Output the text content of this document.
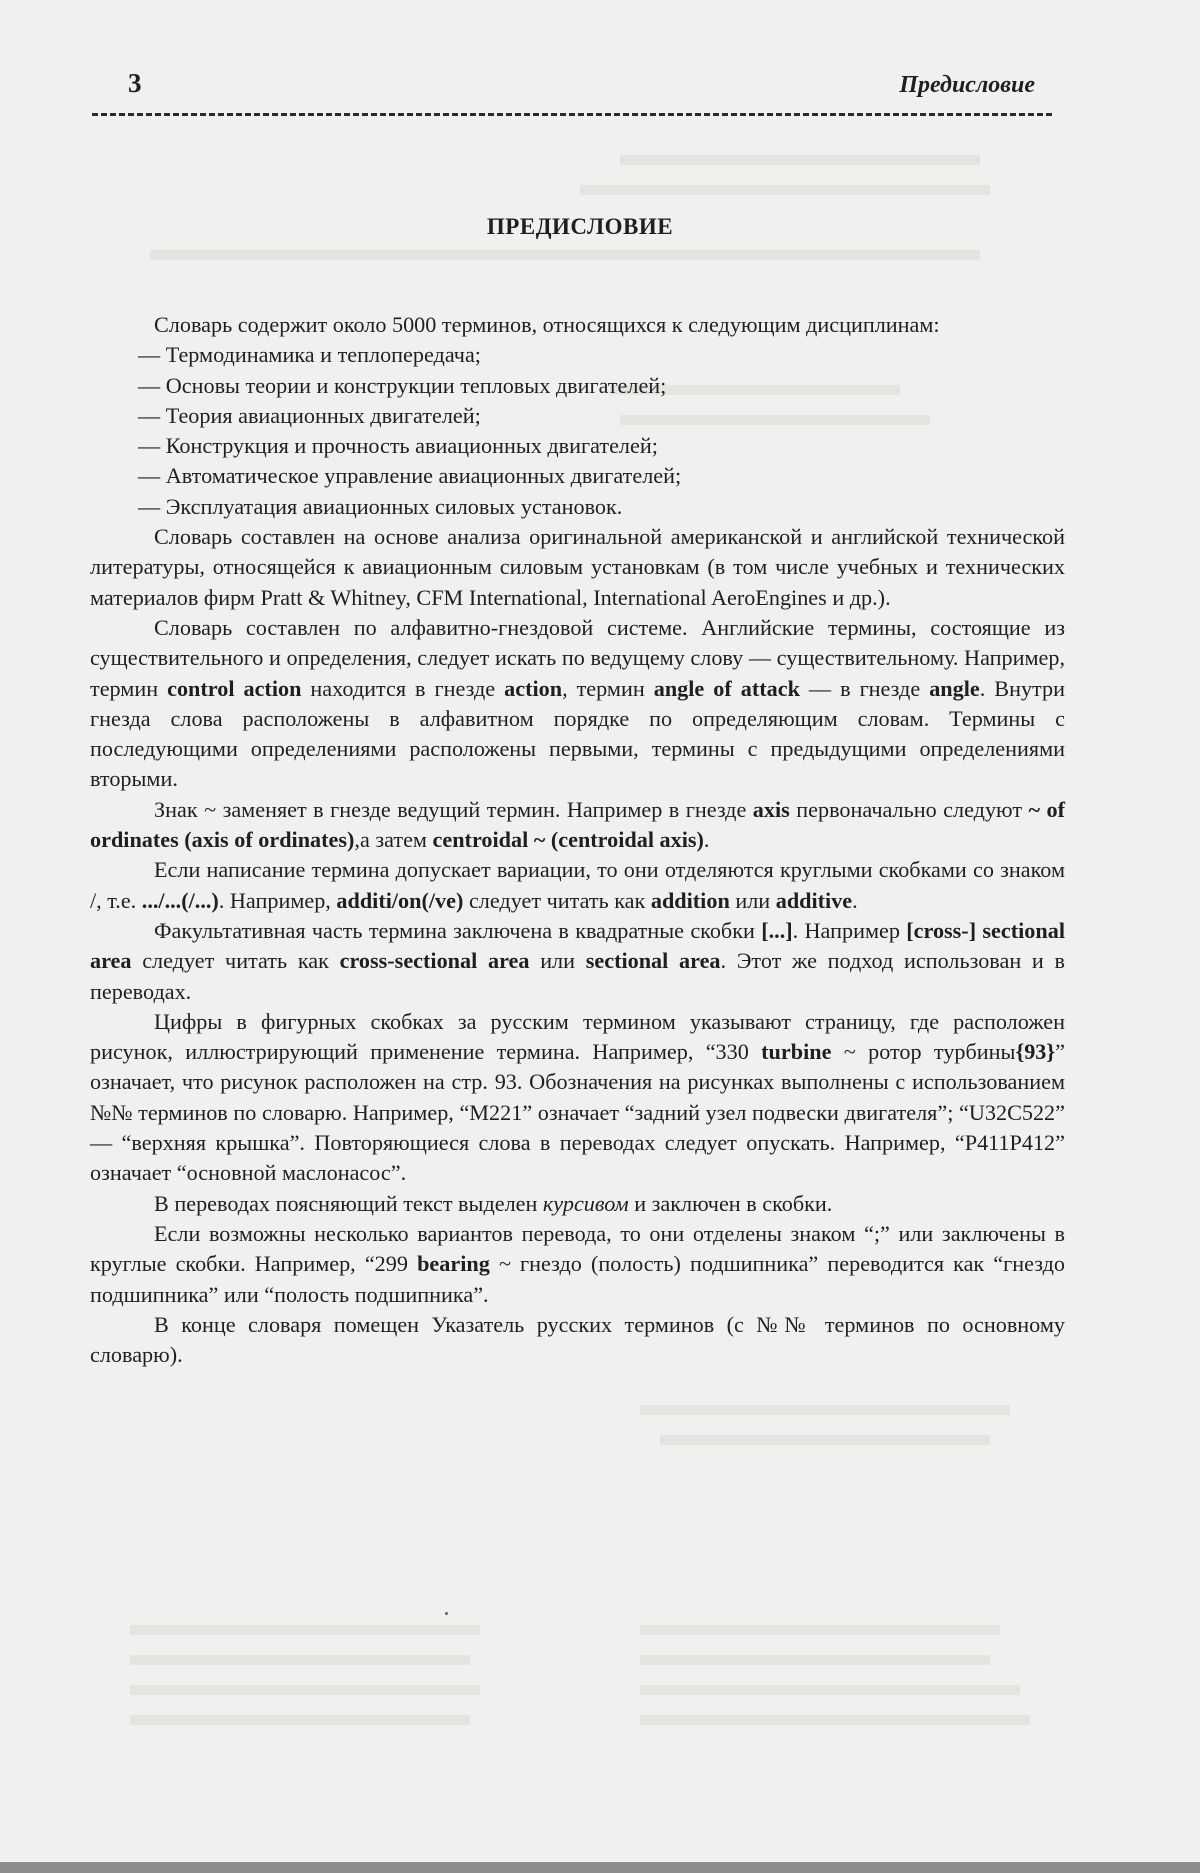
3	Предисловие
ПРЕДИСЛОВИЕ

Словарь содержит около 5000 терминов, относящихся к следующим дисциплинам:

— Термодинамика и теплопередача;
— Основы теории и конструкции тепловых двигателей;
— Теория авиационных двигателей;
— Конструкция и прочность авиационных двигателей;
— Автоматическое управление авиационных двигателей;
— Эксплуатация авиационных силовых установок.

Словарь составлен на основе анализа оригинальной американской и английской технической литературы, относящейся к авиационным силовым установкам (в том числе учебных и технических материалов фирм Pratt & Whitney, CFM International, International AeroEngines и др.).

Словарь составлен по алфавитно-гнездовой системе. Английские термины, состоящие из существительного и определения, следует искать по ведущему слову — существительному. Например, термин control action находится в гнезде action, термин angle of attack — в гнезде angle. Внутри гнезда слова расположены в алфавитном порядке по определяющим словам. Термины с последующими определениями расположены первыми, термины с предыдущими определениями вторыми.

Знак ~ заменяет в гнезде ведущий термин. Например в гнезде axis первоначально следуют ~ of ordinates (axis of ordinates),а затем centroidal ~ (centroidal axis).

Если написание термина допускает вариации, то они отделяются круглыми скобками со знаком /, т.е. .../...(/...). Например, additi/on(/ve) следует читать как addition или additive.

Факультативная часть термина заключена в квадратные скобки [...]. Например [cross-] sectional area следует читать как cross-sectional area или sectional area. Этот же подход использован и в переводах.

Цифры в фигурных скобках за русским термином указывают страницу, где расположен рисунок, иллюстрирующий применение термина. Например, “330 turbine ~ ротор турбины{93}” означает, что рисунок расположен на стр. 93. Обозначения на рисунках выполнены с использованием №№ терминов по словарю. Например, “M221” означает “задний узел подвески двигателя”; “U32C522” — “верхняя крышка”. Повторяющиеся слова в переводах следует опускать. Например, “P411P412” означает “основной маслонасос”.

В переводах поясняющий текст выделен курсивом и заключен в скобки.

Если возможны несколько вариантов перевода, то они отделены знаком “;” или заключены в круглые скобки. Например, “299 bearing ~ гнездо (полость) подшипника” переводится как “гнездо подшипника” или “полость подшипника”.

В конце словаря помещен Указатель русских терминов (с №№ терминов по основному словарю).
